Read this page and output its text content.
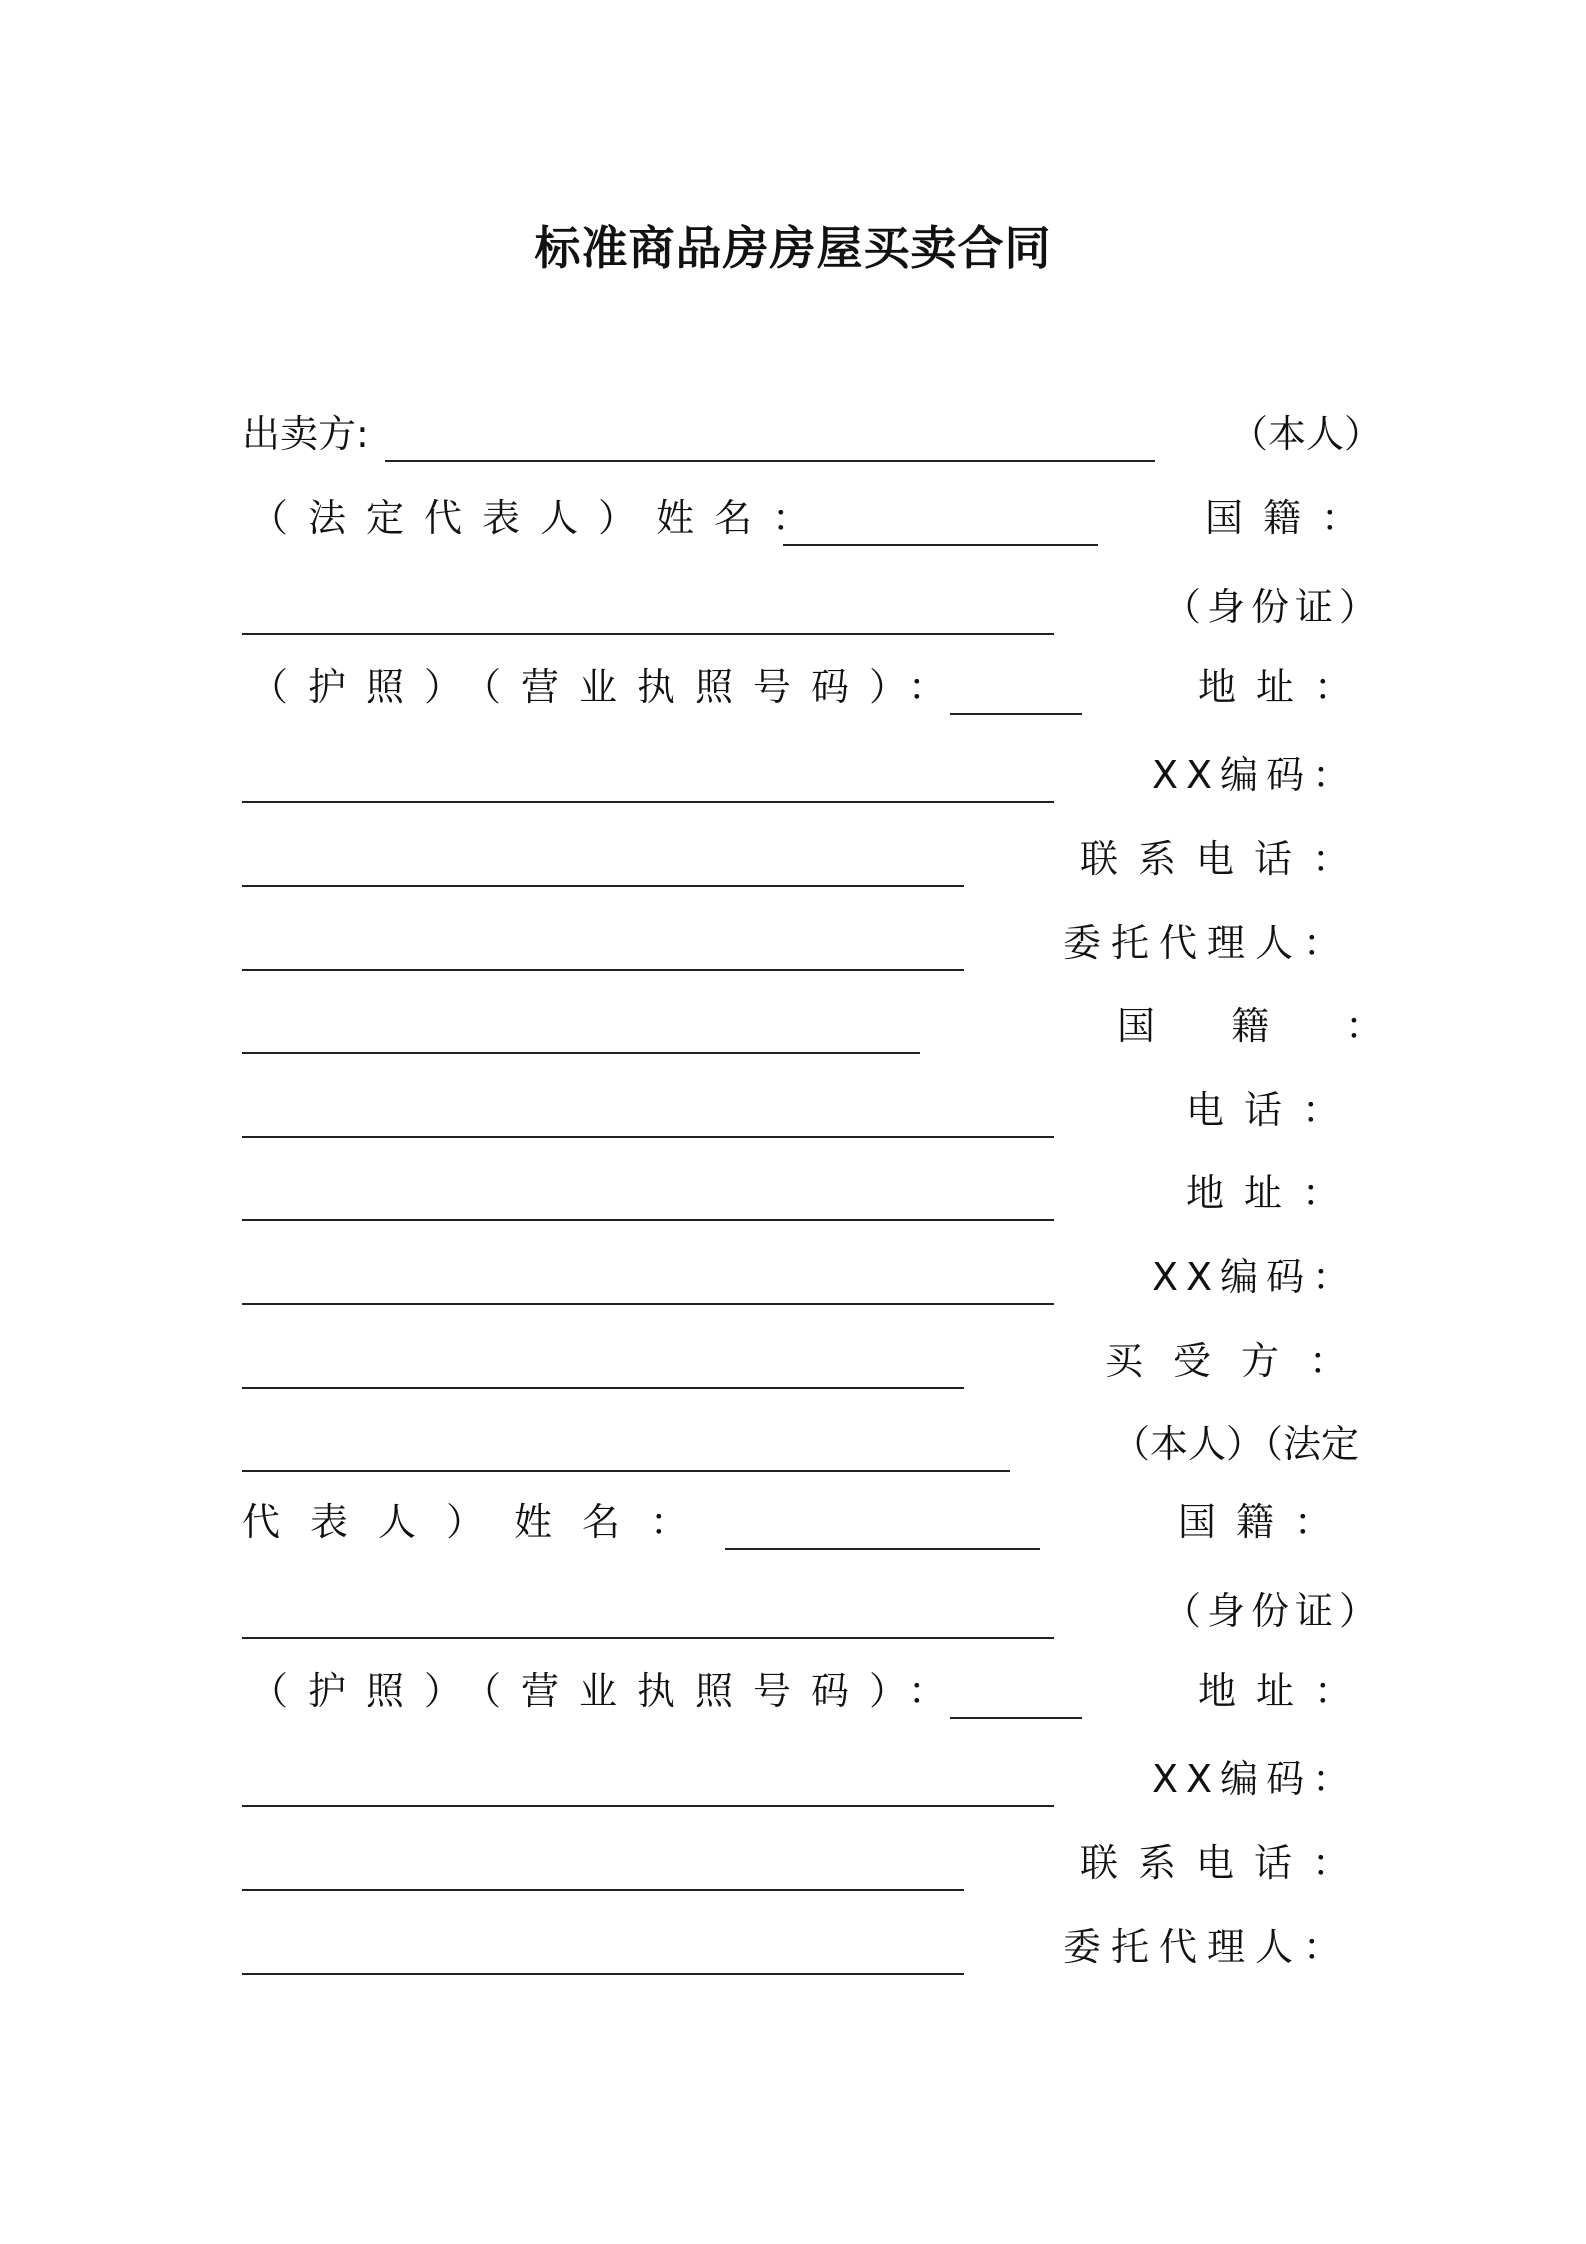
标准商品房房屋买卖合同
出卖方:	（本人）
（法定代表人）姓名：	国籍：
（身份证）
（护照）（营业执照号码）：	地址：
XX编码：
联系电话：
委托代理人：
国 籍 ：
电话：
地址：
XX编码：
买受方：
（本人）（法定
代表人）姓名：	国籍：
（身份证）
（护照）（营业执照号码）：	地址：
XX编码：
联系电话：
委托代理人：
